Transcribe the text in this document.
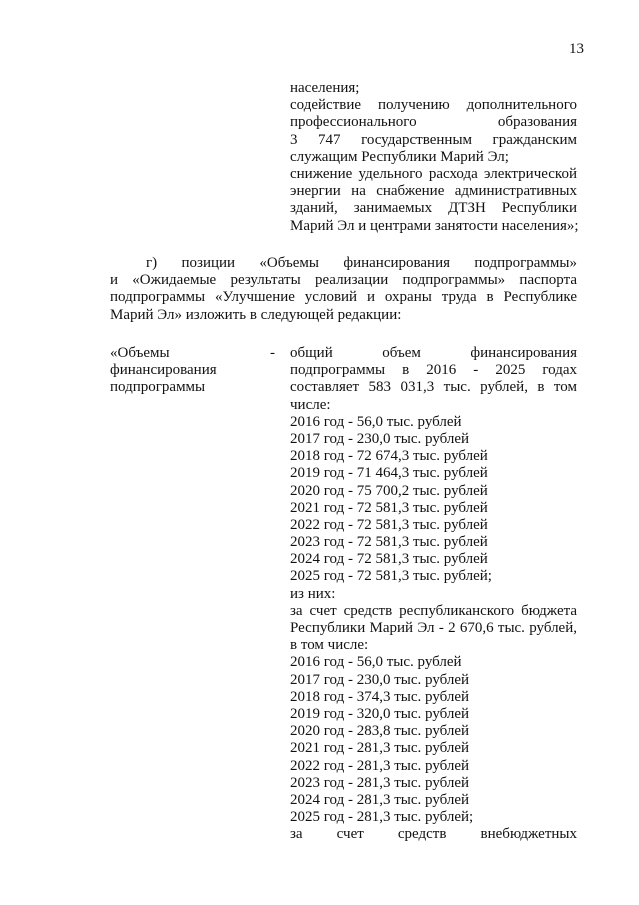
13
населения;
содействие получению дополнительного
профессионального образования
3 747 государственным гражданским
служащим Республики Марий Эл;
снижение удельного расхода электрической
энергии на снабжение административных
зданий, занимаемых ДТЗН Республики
Марий Эл и центрами занятости населения»;
г) позиции «Объемы финансирования подпрограммы»
и «Ожидаемые результаты реализации подпрограммы» паспорта
подпрограммы «Улучшение условий и охраны труда в Республике
Марий Эл» изложить в следующей редакции:
«Объемы
финансирования
подпрограммы
- общий объем финансирования
подпрограммы в 2016 - 2025 годах
составляет 583 031,3 тыс. рублей, в том
числе:
2016 год - 56,0 тыс. рублей
2017 год - 230,0 тыс. рублей
2018 год - 72 674,3 тыс. рублей
2019 год - 71 464,3 тыс. рублей
2020 год - 75 700,2 тыс. рублей
2021 год - 72 581,3 тыс. рублей
2022 год - 72 581,3 тыс. рублей
2023 год - 72 581,3 тыс. рублей
2024 год - 72 581,3 тыс. рублей
2025 год - 72 581,3 тыс. рублей;
из них:
за счет средств республиканского бюджета
Республики Марий Эл - 2 670,6 тыс. рублей,
в том числе:
2016 год - 56,0 тыс. рублей
2017 год - 230,0 тыс. рублей
2018 год - 374,3 тыс. рублей
2019 год - 320,0 тыс. рублей
2020 год - 283,8 тыс. рублей
2021 год - 281,3 тыс. рублей
2022 год - 281,3 тыс. рублей
2023 год - 281,3 тыс. рублей
2024 год - 281,3 тыс. рублей
2025 год - 281,3 тыс. рублей;
за счет средств внебюджетных
